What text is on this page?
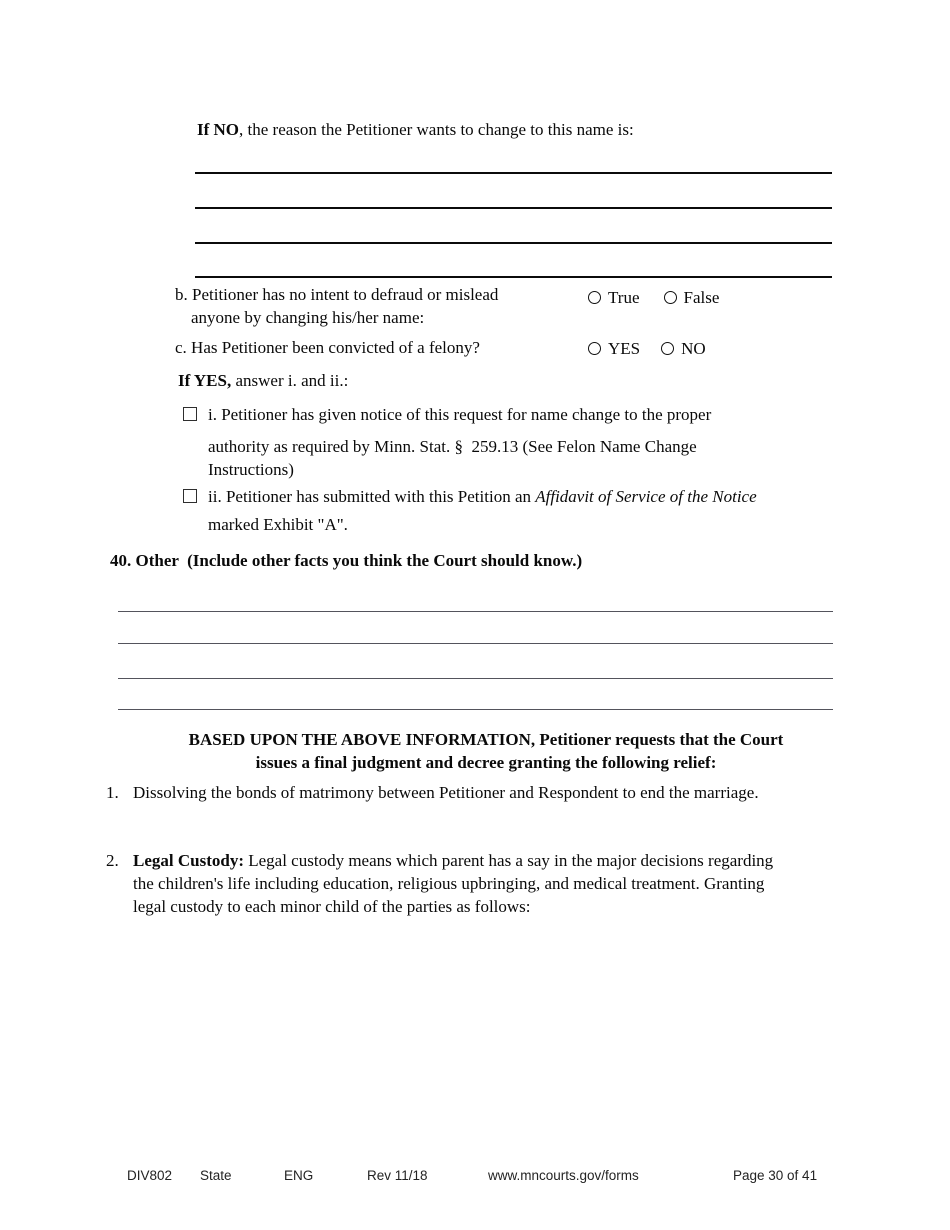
If NO, the reason the Petitioner wants to change to this name is:
b. Petitioner has no intent to defraud or mislead
anyone by changing his/her name:
True	False
c. Has Petitioner been convicted of a felony?	YES NO
If YES, answer i. and ii.:
i. Petitioner has given notice of this request for name change to the proper
authority as required by Minn. Stat. §  259.13 (See Felon Name Change
Instructions)
ii. Petitioner has submitted with this Petition an Affidavit of Service of the Notice
marked Exhibit "A".
40. Other  (Include other facts you think the Court should know.)
BASED UPON THE ABOVE INFORMATION, Petitioner requests that the Court
issues a final judgment and decree granting the following relief:
1. Dissolving the bonds of matrimony between Petitioner and Respondent to end the marriage.
2. Legal Custody: Legal custody means which parent has a say in the major decisions regarding
the children's life including education, religious upbringing, and medical treatment. Granting
legal custody to each minor child of the parties as follows:
DIV802 State	ENG	Rev 11/18	www.mncourts.gov/forms	Page 30 of 41
